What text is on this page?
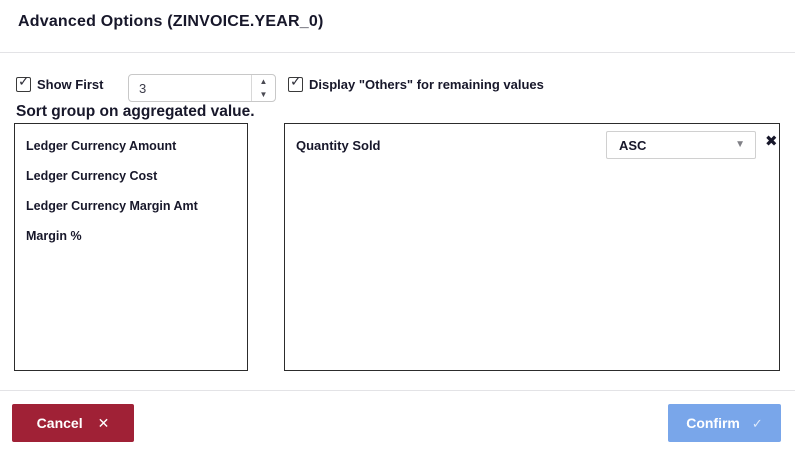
Advanced Options (ZINVOICE.YEAR_0)
✓ Show First
3	▲
▼
✓ Display "Others" for remaining values
Sort group on aggregated value.
Ledger Currency Amount
Ledger Currency Cost
Ledger Currency Margin Amt
Margin %
Quantity Sold	ASC	▼ ✖
Cancel ✕	Confirm ✓
